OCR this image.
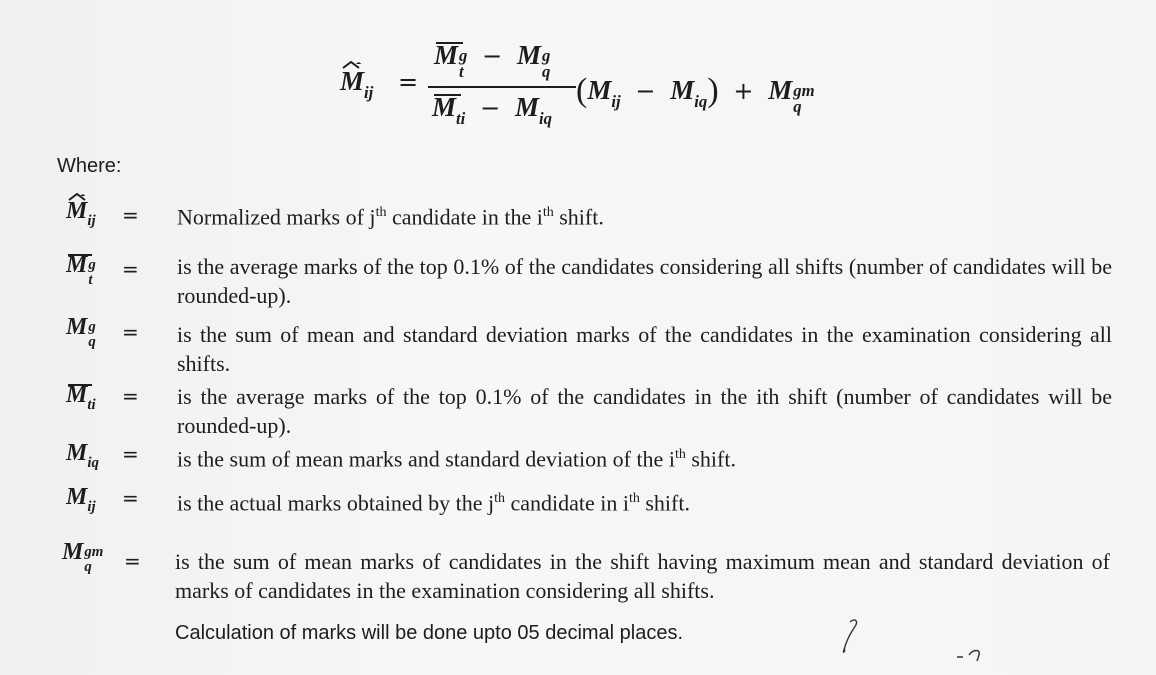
M ij =
M g
t
− M g
q
M ti − M iq
( M ij − M iq ) + M gm
q
Where:
M ij = Normalized marks of $j^{th}$ candidate in the $i^{th}$ shift.
M g
t = is the average marks of the top 0.1% of the candidates considering all shifts (number of candidates will be rounded-up).
M g
q = is the sum of mean and standard deviation marks of the candidates in the examination considering all shifts.
M ti = is the average marks of the top 0.1% of the candidates in the ith shift (number of candidates will be rounded-up).
M iq = is the sum of mean marks and standard deviation of the $i^{th}$ shift.
M ij = is the actual marks obtained by the $j^{th}$ candidate in $i^{th}$ shift.
M gm
q = is the sum of mean marks of candidates in the shift having maximum mean and standard deviation of marks of candidates in the examination considering all shifts.
Calculation of marks will be done upto 05 decimal places.
